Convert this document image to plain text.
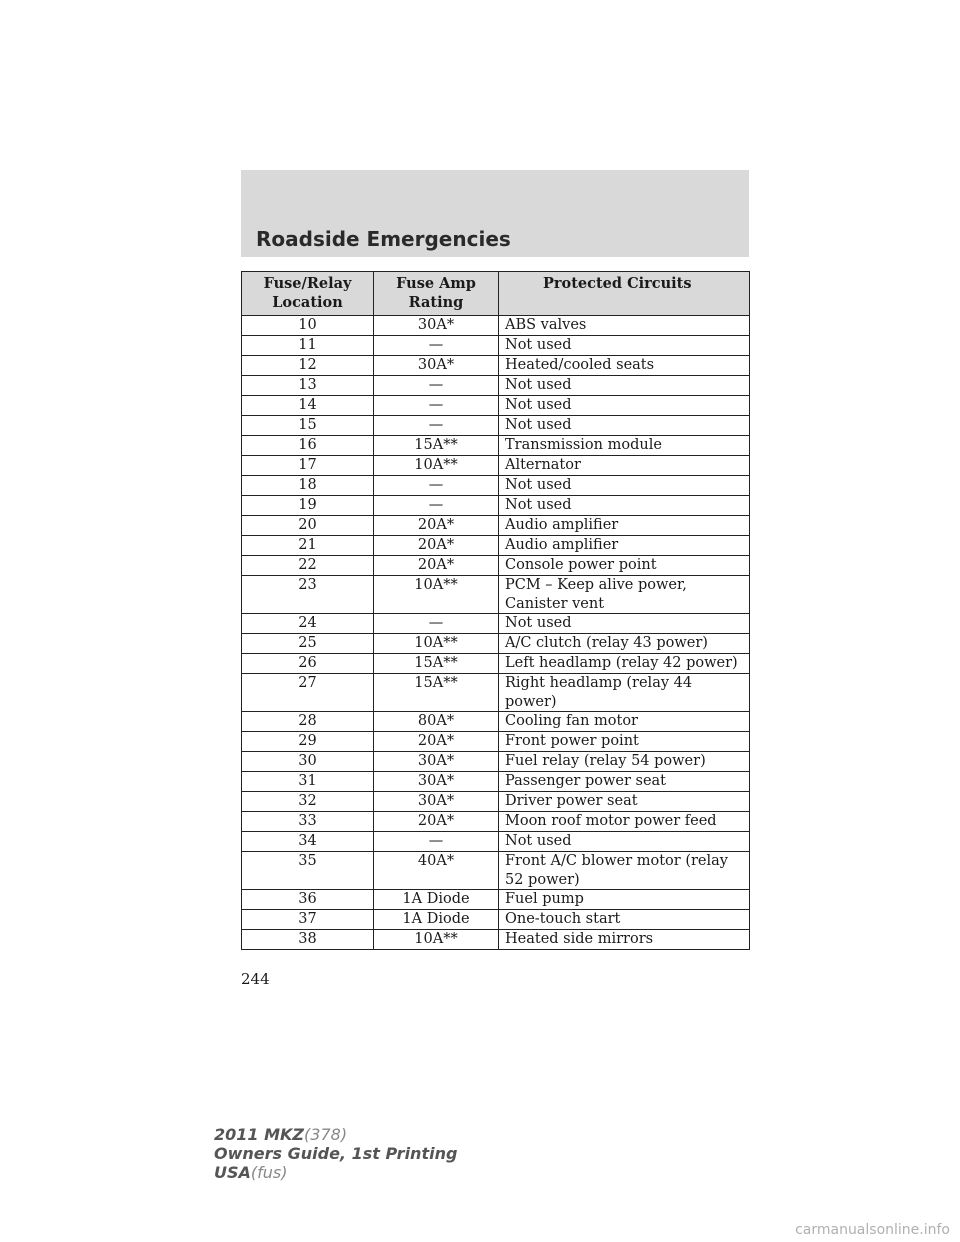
Roadside Emergencies
Fuse/Relay Location	Fuse Amp Rating	Protected Circuits
10	30A*	ABS valves
11	—	Not used
12	30A*	Heated/cooled seats
13	—	Not used
14	—	Not used
15	—	Not used
16	15A**	Transmission module
17	10A**	Alternator
18	—	Not used
19	—	Not used
20	20A*	Audio amplifier
21	20A*	Audio amplifier
22	20A*	Console power point
23	10A**	PCM – Keep alive power, Canister vent
24	—	Not used
25	10A**	A/C clutch (relay 43 power)
26	15A**	Left headlamp (relay 42 power)
27	15A**	Right headlamp (relay 44 power)
28	80A*	Cooling fan motor
29	20A*	Front power point
30	30A*	Fuel relay (relay 54 power)
31	30A*	Passenger power seat
32	30A*	Driver power seat
33	20A*	Moon roof motor power feed
34	—	Not used
35	40A*	Front A/C blower motor (relay 52 power)
36	1A Diode	Fuel pump
37	1A Diode	One-touch start
38	10A**	Heated side mirrors
244
2011 MKZ(378)
Owners Guide, 1st Printing
USA(fus)
carmanualsonline.info
